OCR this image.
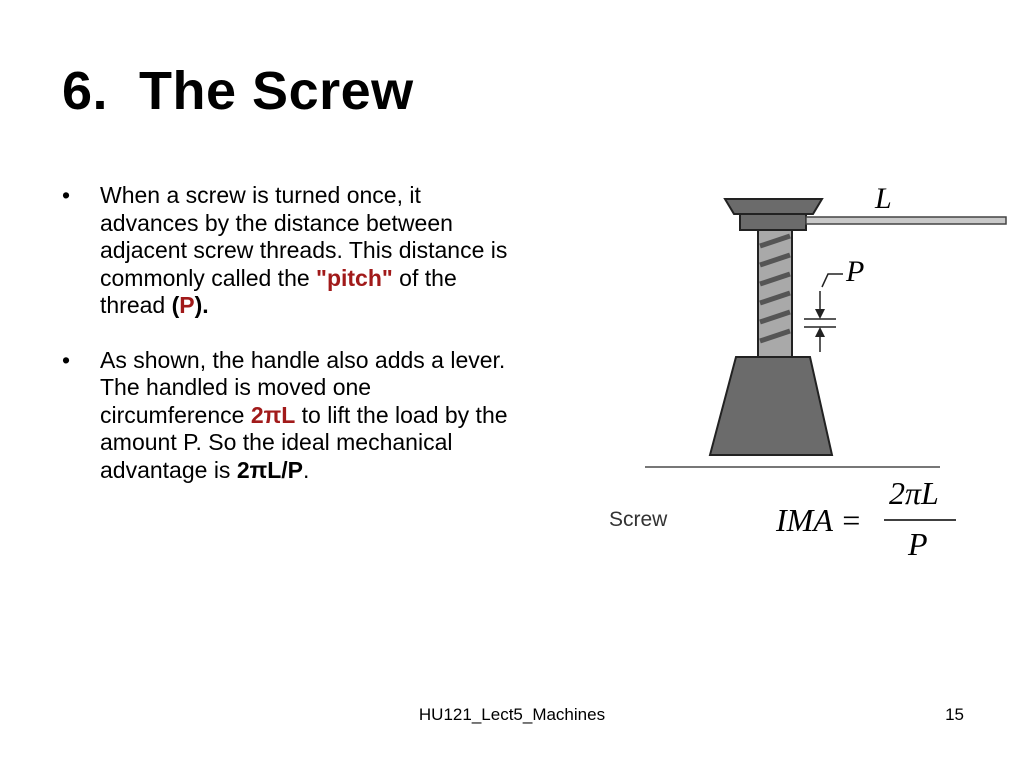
6.  The Screw
• When a screw is turned once, it advances by the distance between adjacent screw threads. This distance is commonly called the "pitch" of the thread (P).
• As shown, the handle also adds a lever. The handled is moved one circumference 2πL to lift the load by the amount P. So the ideal mechanical advantage is 2πL/P.
L
P
Screw	IMA =
2πL
P
HU121_Lect5_Machines	15
